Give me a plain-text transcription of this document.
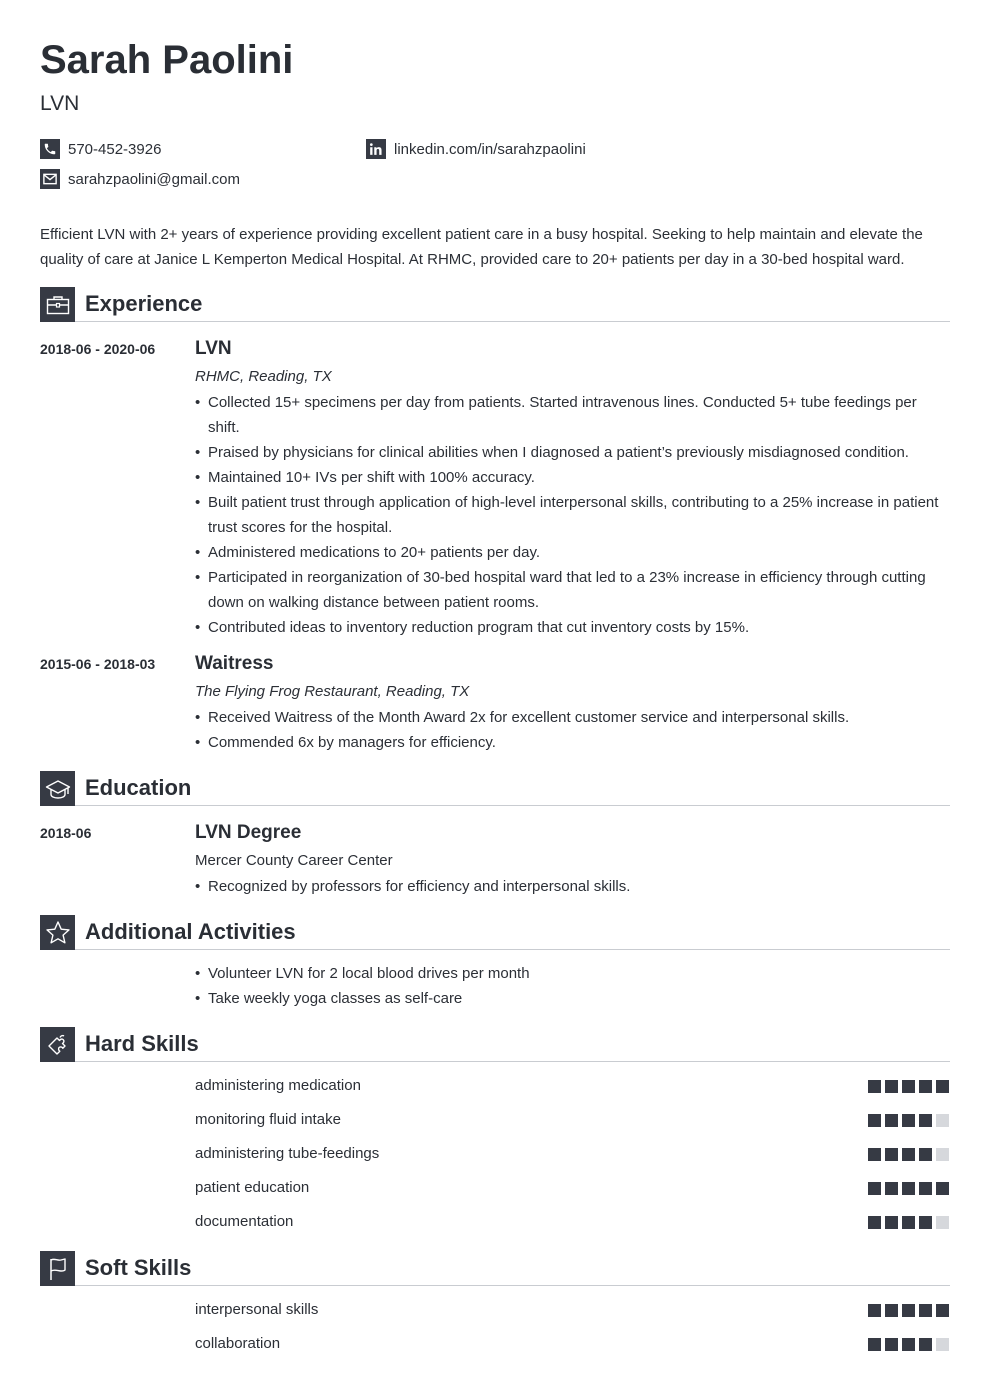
Sarah Paolini
LVN
570-452-3926	linkedin.com/in/sarahzpaolini
sarahzpaolini@gmail.com
Efficient LVN with 2+ years of experience providing excellent patient care in a busy hospital. Seeking to help maintain and elevate the quality of care at Janice L Kemperton Medical Hospital. At RHMC, provided care to 20+ patients per day in a 30-bed hospital ward.
Experience
2018-06 - 2020-06 LVN
RHMC, Reading, TX
• Collected 15+ specimens per day from patients. Started intravenous lines. Conducted 5+ tube feedings per shift.
• Praised by physicians for clinical abilities when I diagnosed a patient’s previously misdiagnosed condition.
• Maintained 10+ IVs per shift with 100% accuracy.
• Built patient trust through application of high-level interpersonal skills, contributing to a 25% increase in patient trust scores for the hospital.
• Administered medications to 20+ patients per day.
• Participated in reorganization of 30-bed hospital ward that led to a 23% increase in efficiency through cutting down on walking distance between patient rooms.
• Contributed ideas to inventory reduction program that cut inventory costs by 15%.
2015-06 - 2018-03 Waitress
The Flying Frog Restaurant, Reading, TX
• Received Waitress of the Month Award 2x for excellent customer service and interpersonal skills.
• Commended 6x by managers for efficiency.
Education
2018-06	LVN Degree
Mercer County Career Center
• Recognized by professors for efficiency and interpersonal skills.
Additional Activities
• Volunteer LVN for 2 local blood drives per month
• Take weekly yoga classes as self-care
Hard Skills
administering medication
monitoring fluid intake
administering tube-feedings
patient education
documentation
Soft Skills
interpersonal skills
collaboration
